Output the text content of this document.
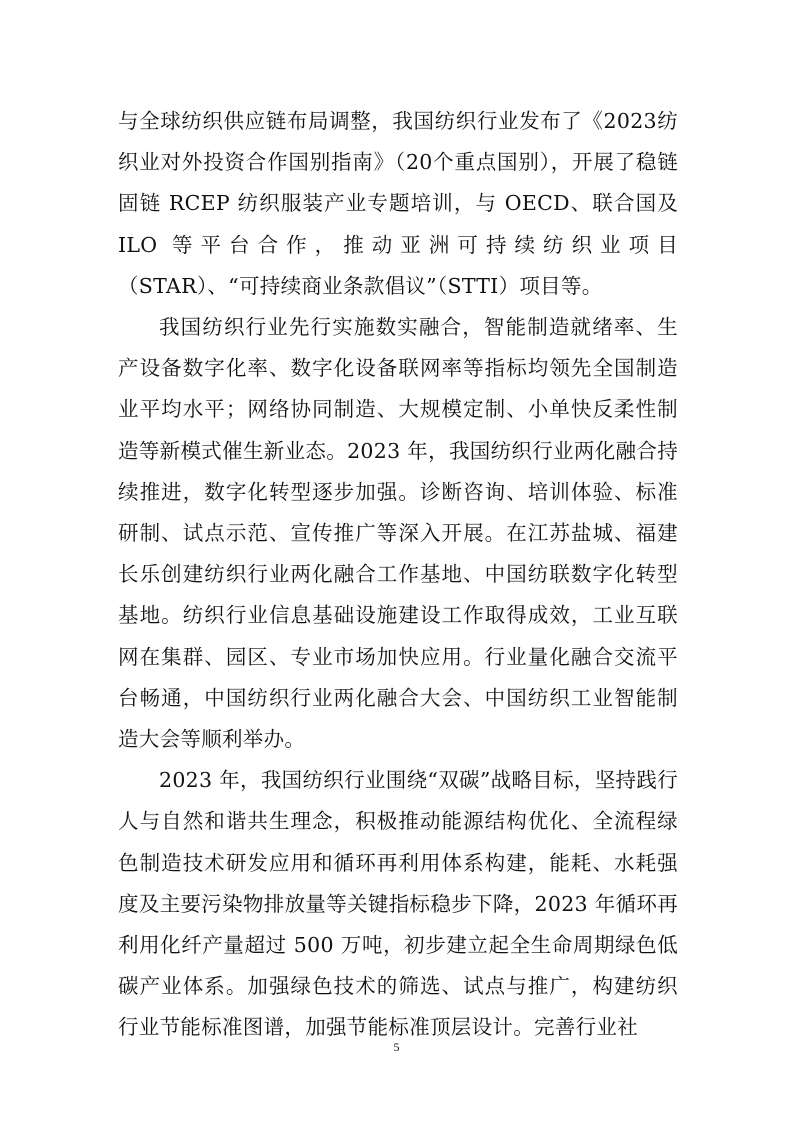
与全球纺织供应链布局调整，我国纺织行业发布了《2023纺织业对外投资合作国别指南》（20个重点国别），开展了稳链固链 RCEP 纺织服装产业专题培训，与 OECD、联合国及 ILO 等平台合作，推动亚洲可持续纺织业项目（STAR）、“可持续商业条款倡议”（STTI）项目等。

我国纺织行业先行实施数实融合，智能制造就绪率、生产设备数字化率、数字化设备联网率等指标均领先全国制造业平均水平；网络协同制造、大规模定制、小单快反柔性制造等新模式催生新业态。2023 年，我国纺织行业两化融合持续推进，数字化转型逐步加强。诊断咨询、培训体验、标准研制、试点示范、宣传推广等深入开展。在江苏盐城、福建长乐创建纺织行业两化融合工作基地、中国纺联数字化转型基地。纺织行业信息基础设施建设工作取得成效，工业互联网在集群、园区、专业市场加快应用。行业量化融合交流平台畅通，中国纺织行业两化融合大会、中国纺织工业智能制造大会等顺利举办。

2023 年，我国纺织行业围绕“双碳”战略目标，坚持践行人与自然和谐共生理念，积极推动能源结构优化、全流程绿色制造技术研发应用和循环再利用体系构建，能耗、水耗强度及主要污染物排放量等关键指标稳步下降，2023 年循环再利用化纤产量超过 500 万吨，初步建立起全生命周期绿色低碳产业体系。加强绿色技术的筛选、试点与推广，构建纺织行业节能标准图谱，加强节能标准顶层设计。完善行业社

5
